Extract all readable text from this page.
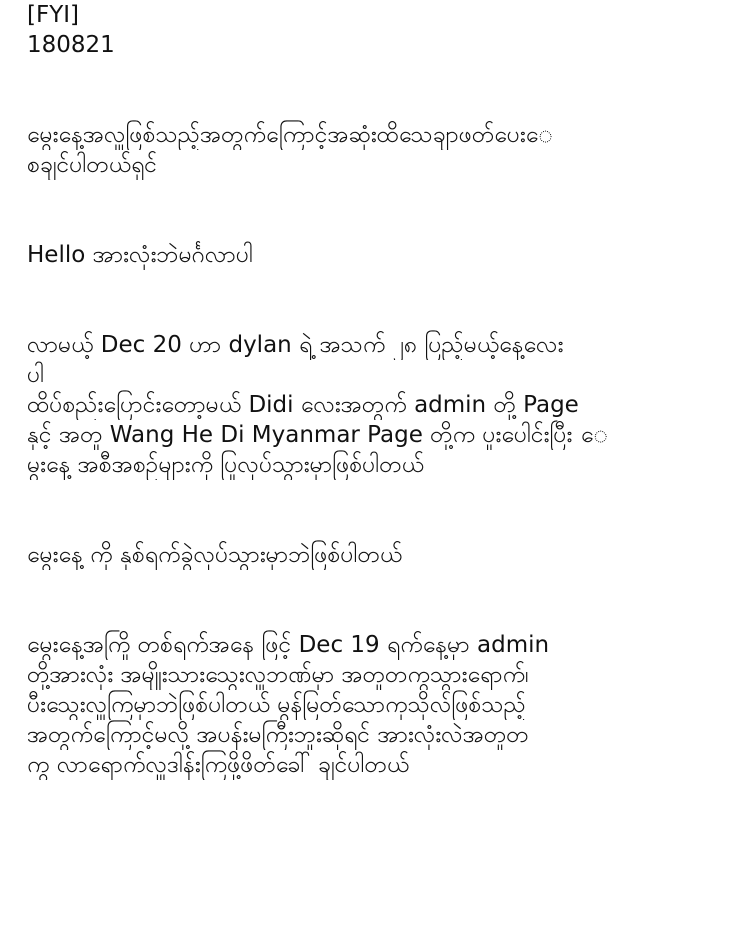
[FYI]
180821
မွေးနေ့အလှူဖြစ်သည့်အတွက်ကြောင့်အဆုံးထိသေချာဖတ်ပေးေ
စချင်ပါတယ်ရှင်
Hello အားလုံးဘဲမင်္ဂလာပါ
လာမယ့် Dec 20 ဟာ dylan ရဲ့ အသက် ၂၈ ပြည့်မယ့်နေ့လေး
ပါ
ထိပ်စည်းပြောင်းတော့မယ် Didi လေးအတွက် admin တို့ Page
နှင့် အတူ Wang He Di Myanmar Page တို့က ပူးပေါင်းပြီး ေ
မွးနေ့ အစီအစဉ်များကို ပြုလုပ်သွားမှာဖြစ်ပါတယ်
မွေးနေ့ ကို နှစ်ရက်ခွဲလုပ်သွားမှာဘဲဖြစ်ပါတယ်
မွေးနေ့အကြို တစ်ရက်အနေ ဖြင့် Dec 19 ရက်နေ့မှာ admin
တို့အားလုံး အမျိုးသားသွေးလှူဘဏ်မှာ အတူတကွသွားရောက်၊
ပီးသွေးလှူကြမှာဘဲဖြစ်ပါတယ် မွန်မြတ်သောကုသိုလ်ဖြစ်သည့်
အတွက်ကြောင့်မလို့ အပန်းမကြီးဘူးဆိုရင် အားလုံးလဲအတူတ
ကွ လာရောက်လှူဒါန်းကြဖို့ဖိတ်ခေါ် ချင်ပါတယ်
